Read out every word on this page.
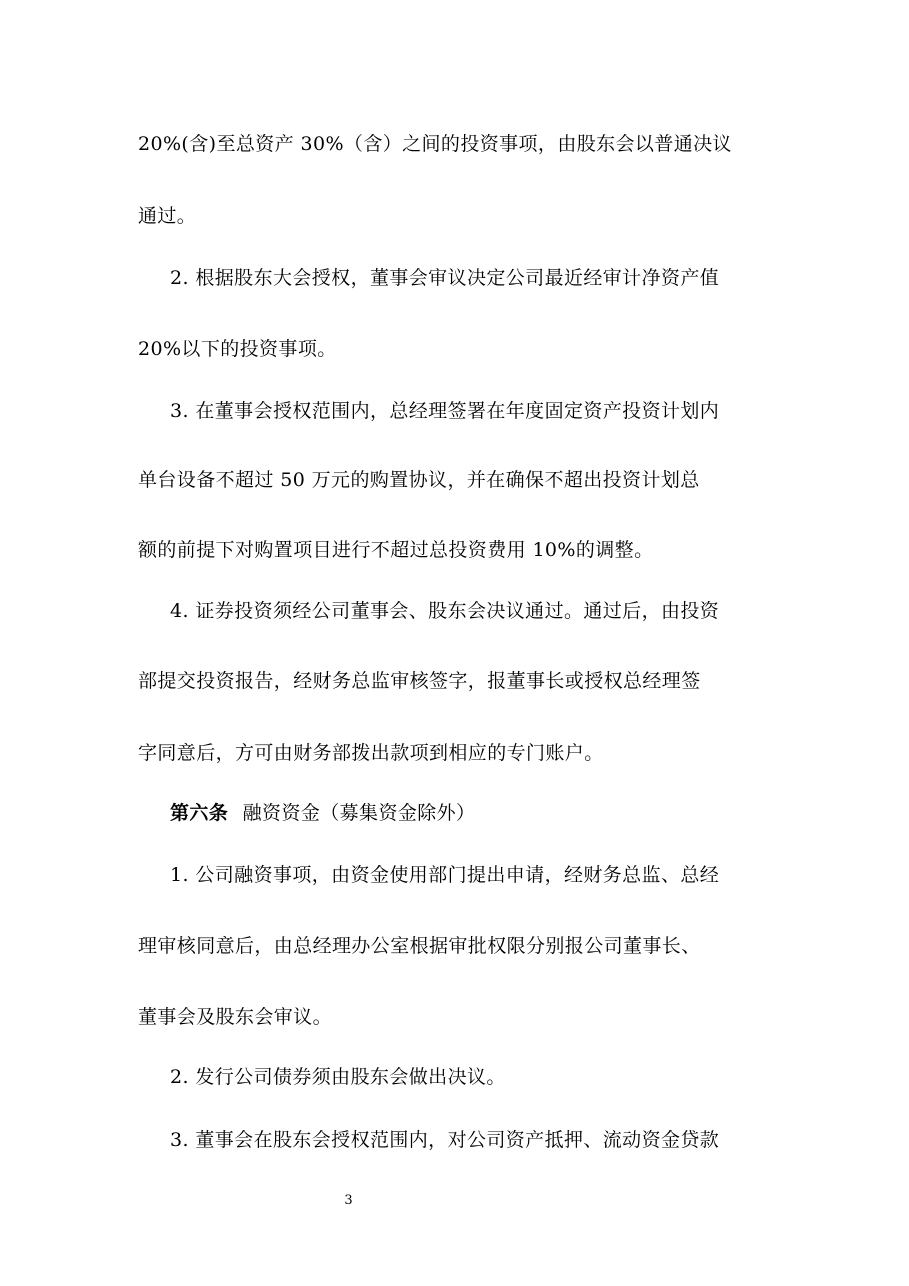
20%(含)至总资产 30%（含）之间的投资事项，由股东会以普通决议
通过。
2. 根据股东大会授权，董事会审议决定公司最近经审计净资产值
20%以下的投资事项。
3. 在董事会授权范围内，总经理签署在年度固定资产投资计划内
单台设备不超过 50 万元的购置协议，并在确保不超出投资计划总
额的前提下对购置项目进行不超过总投资费用 10%的调整。
4. 证券投资须经公司董事会、股东会决议通过。通过后，由投资
部提交投资报告，经财务总监审核签字，报董事长或授权总经理签
字同意后，方可由财务部拨出款项到相应的专门账户。
第六条 融资资金（募集资金除外）
1. 公司融资事项，由资金使用部门提出申请，经财务总监、总经
理审核同意后，由总经理办公室根据审批权限分别报公司董事长、
董事会及股东会审议。
2. 发行公司债券须由股东会做出决议。
3. 董事会在股东会授权范围内，对公司资产抵押、流动资金贷款
3
